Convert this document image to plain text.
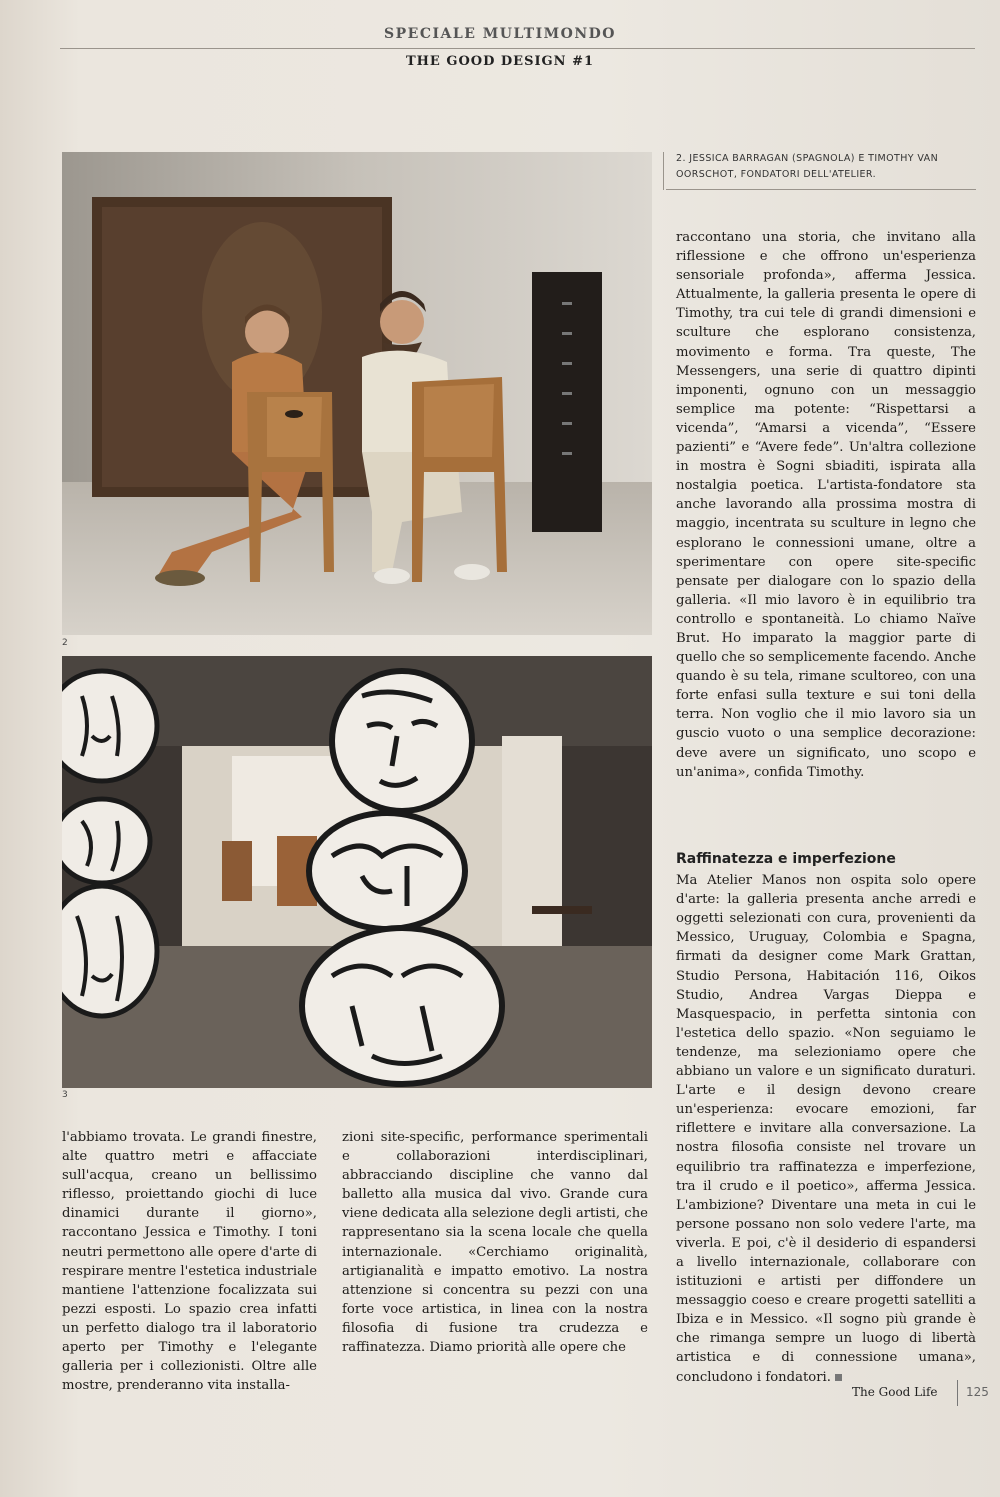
SPECIALE MULTIMONDO
THE GOOD DESIGN #1
2
3
2. JESSICA BARRAGAN (SPAGNOLA) E TIMOTHY VAN OORSCHOT, FONDATORI DELL'ATELIER.

raccontano una storia, che invitano alla riflessione e che offrono un'esperienza sensoriale profonda», afferma Jessica. Attualmente, la galleria presenta le opere di Timothy, tra cui tele di grandi dimensioni e sculture che esplorano consistenza, movimento e forma. Tra queste, The Messengers, una serie di quattro dipinti imponenti, ognuno con un messaggio semplice ma potente: “Rispettarsi a vicenda”, “Amarsi a vicenda”, “Essere pazienti” e “Avere fede”. Un'altra collezione in mostra è Sogni sbiaditi, ispirata alla nostalgia poetica. L'artista-fondatore sta anche lavorando alla prossima mostra di maggio, incentrata su sculture in legno che esplorano le connessioni umane, oltre a sperimentare con opere site-specific pensate per dialogare con lo spazio della galleria. «Il mio lavoro è in equilibrio tra controllo e spontaneità. Lo chiamo Naïve Brut. Ho imparato la maggior parte di quello che so semplicemente facendo. Anche quando è su tela, rimane scultoreo, con una forte enfasi sulla texture e sui toni della terra. Non voglio che il mio lavoro sia un guscio vuoto o una semplice decorazione: deve avere un significato, uno scopo e un'anima», confida Timothy.

Raffinatezza e imperfezione

Ma Atelier Manos non ospita solo opere d'arte: la galleria presenta anche arredi e oggetti selezionati con cura, provenienti da Messico, Uruguay, Colombia e Spagna, firmati da designer come Mark Grattan, Studio Persona, Habitación 116, Oikos Studio, Andrea Vargas Dieppa e Masquespacio, in perfetta sintonia con l'estetica dello spazio. «Non seguiamo le tendenze, ma selezioniamo opere che abbiano un valore e un significato duraturi. L'arte e il design devono creare un'esperienza: evocare emozioni, far riflettere e invitare alla conversazione. La nostra filosofia consiste nel trovare un equilibrio tra raffinatezza e imperfezione, tra il crudo e il poetico», afferma Jessica. L'ambizione? Diventare una meta in cui le persone possano non solo vedere l'arte, ma viverla. E poi, c'è il desiderio di espandersi a livello internazionale, collaborare con istituzioni e artisti per diffondere un messaggio coeso e creare progetti satelliti a Ibiza e in Messico. «Il sogno più grande è che rimanga sempre un luogo di libertà artistica e di connessione umana», concludono i fondatori.

l'abbiamo trovata. Le grandi finestre, alte quattro metri e affacciate sull'acqua, creano un bellissimo riflesso, proiettando giochi di luce dinamici durante il giorno», raccontano Jessica e Timothy. I toni neutri permettono alle opere d'arte di respirare mentre l'estetica industriale mantiene l'attenzione focalizzata sui pezzi esposti. Lo spazio crea infatti un perfetto dialogo tra il laboratorio aperto per Timothy e l'elegante galleria per i collezionisti. Oltre alle mostre, prenderanno vita installa-

zioni site-specific, performance sperimentali e collaborazioni interdisciplinari, abbracciando discipline che vanno dal balletto alla musica dal vivo. Grande cura viene dedicata alla selezione degli artisti, che rappresentano sia la scena locale che quella internazionale. «Cerchiamo originalità, artigianalità e impatto emotivo. La nostra attenzione si concentra su pezzi con una forte voce artistica, in linea con la nostra filosofia di fusione tra crudezza e raffinatezza. Diamo priorità alle opere che

The Good Life 125
